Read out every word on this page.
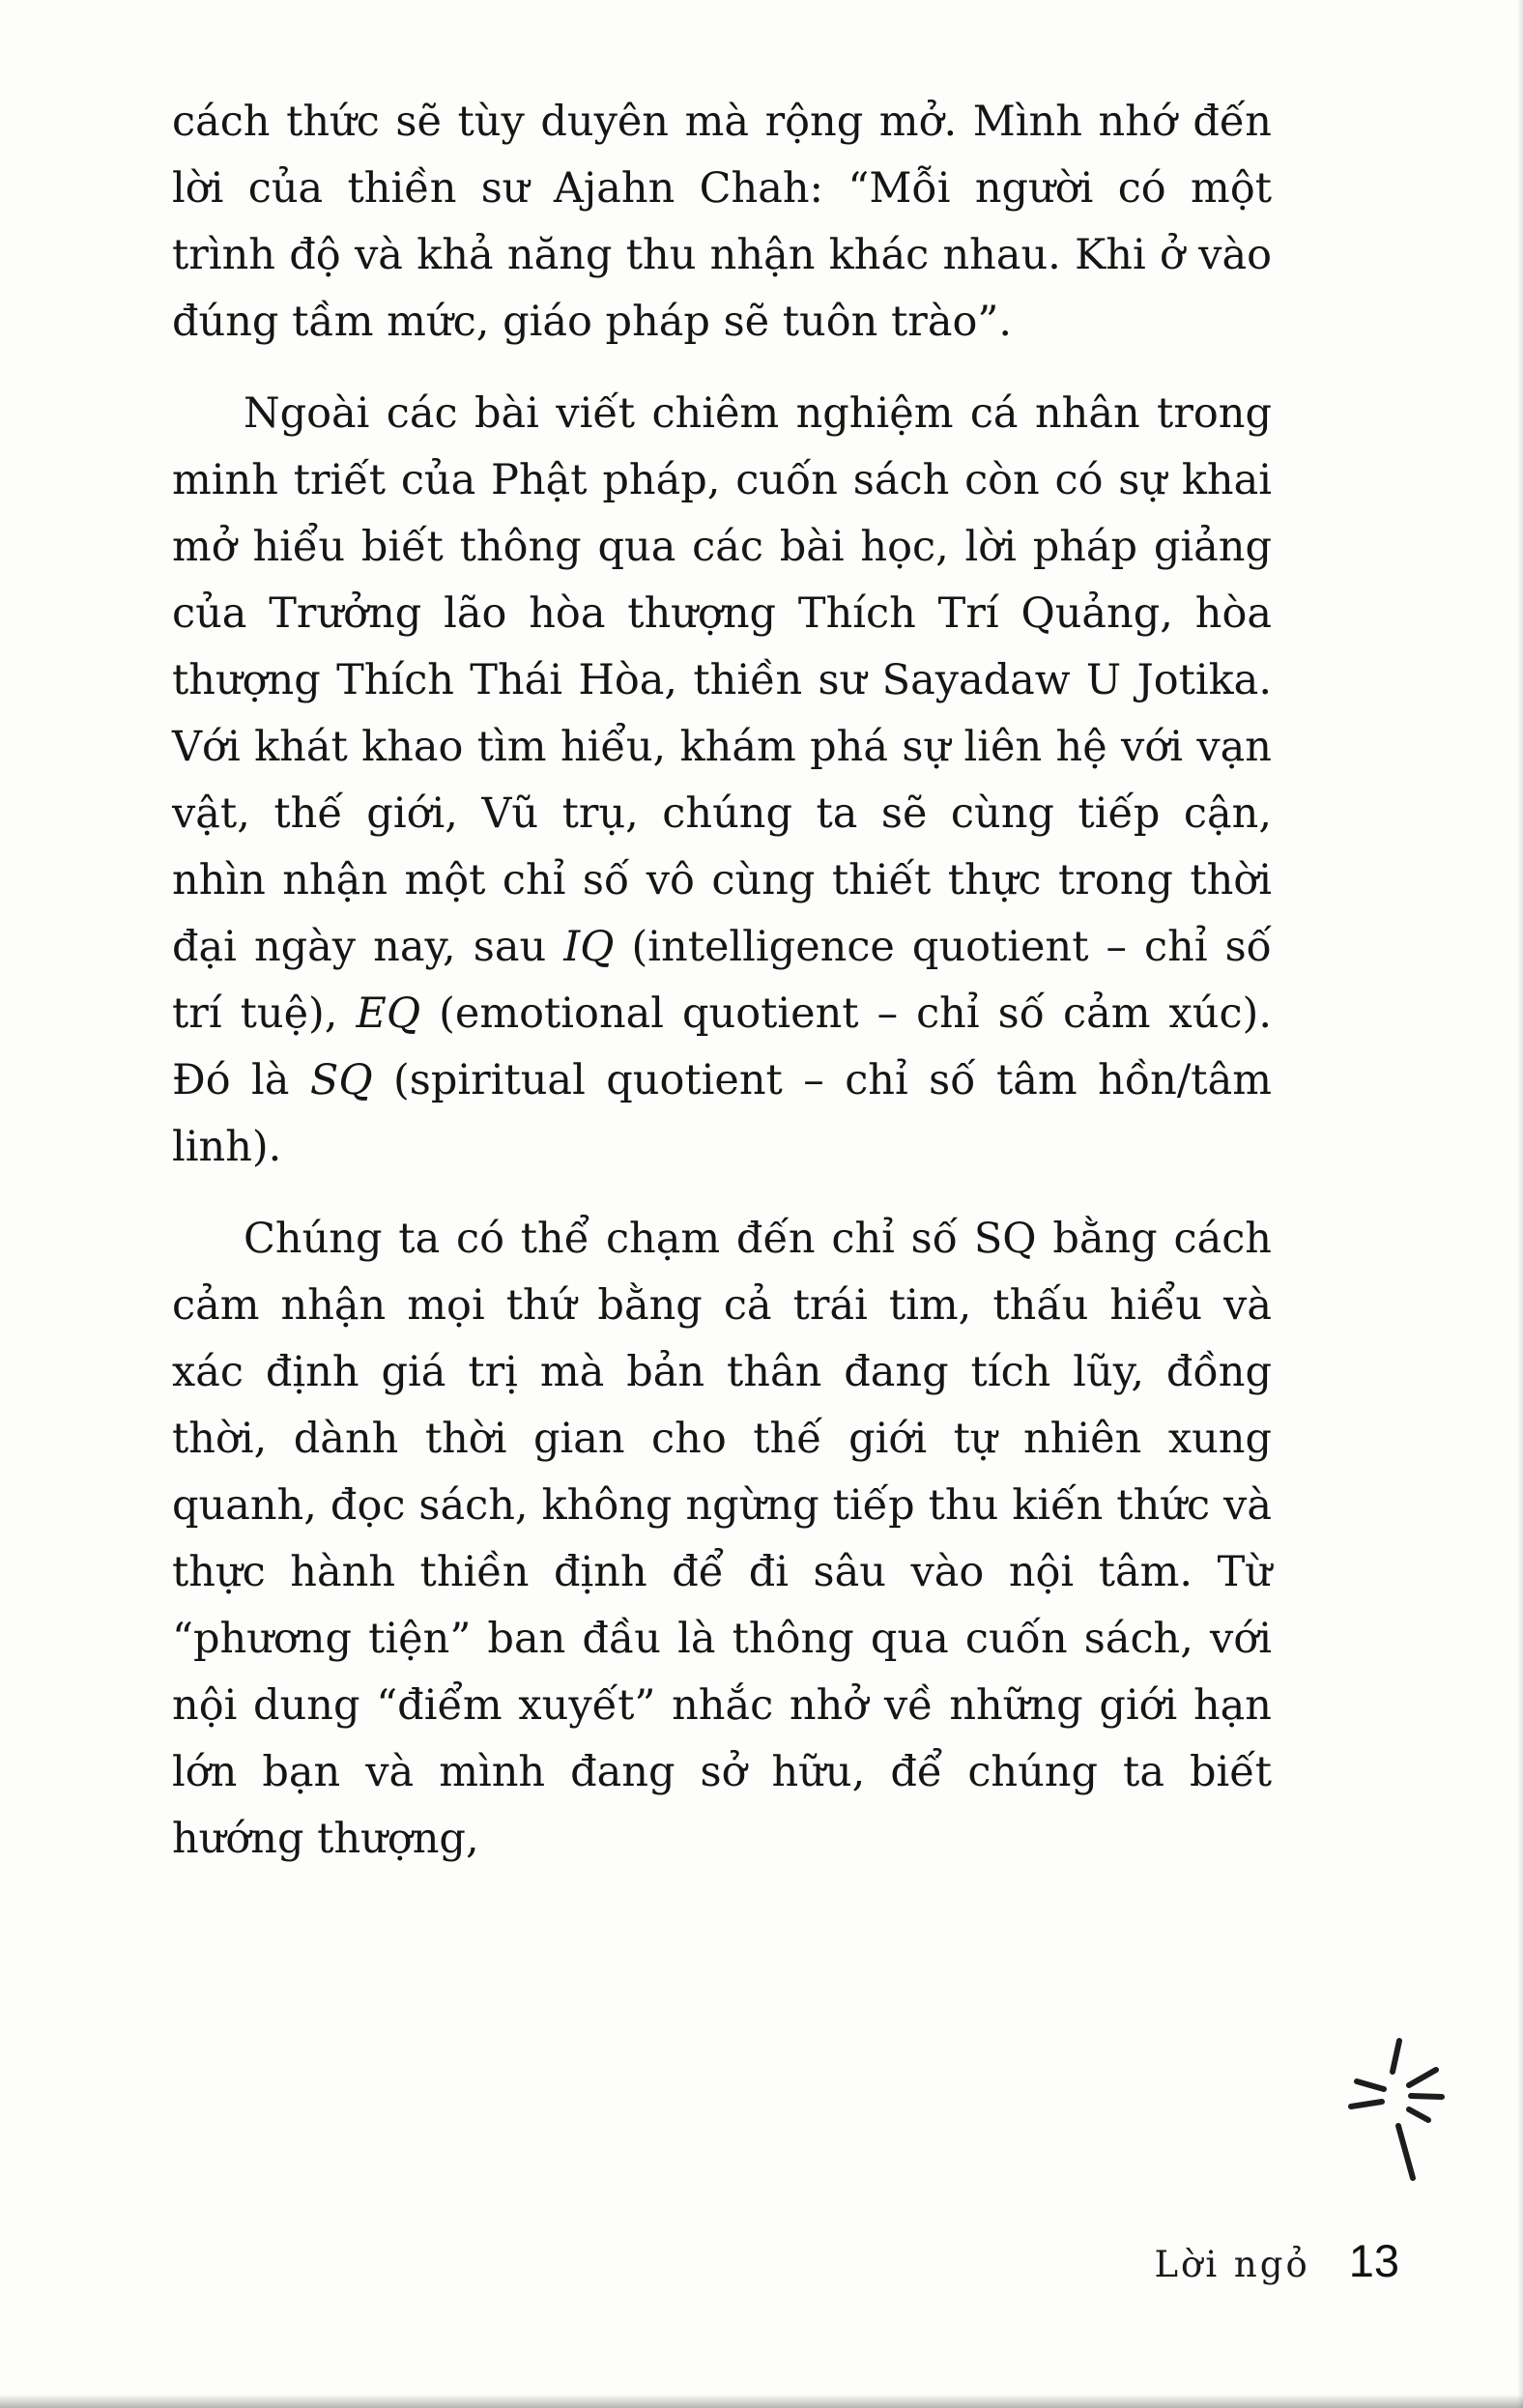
cách thức sẽ tùy duyên mà rộng mở. Mình nhớ đến lời của thiền sư Ajahn Chah: “Mỗi người có một trình độ và khả năng thu nhận khác nhau. Khi ở vào đúng tầm mức, giáo pháp sẽ tuôn trào”.

Ngoài các bài viết chiêm nghiệm cá nhân trong minh triết của Phật pháp, cuốn sách còn có sự khai mở hiểu biết thông qua các bài học, lời pháp giảng của Trưởng lão hòa thượng Thích Trí Quảng, hòa thượng Thích Thái Hòa, thiền sư Sayadaw U Jotika. Với khát khao tìm hiểu, khám phá sự liên hệ với vạn vật, thế giới, Vũ trụ, chúng ta sẽ cùng tiếp cận, nhìn nhận một chỉ số vô cùng thiết thực trong thời đại ngày nay, sau IQ (intelligence quotient – chỉ số trí tuệ), EQ (emotional quotient – chỉ số cảm xúc). Đó là SQ (spiritual quotient – chỉ số tâm hồn/tâm linh).

Chúng ta có thể chạm đến chỉ số SQ bằng cách cảm nhận mọi thứ bằng cả trái tim, thấu hiểu và xác định giá trị mà bản thân đang tích lũy, đồng thời, dành thời gian cho thế giới tự nhiên xung quanh, đọc sách, không ngừng tiếp thu kiến thức và thực hành thiền định để đi sâu vào nội tâm. Từ “phương tiện” ban đầu là thông qua cuốn sách, với nội dung “điểm xuyết” nhắc nhở về những giới hạn lớn bạn và mình đang sở hữu, để chúng ta biết hướng thượng,

Lời ngỏ 13
